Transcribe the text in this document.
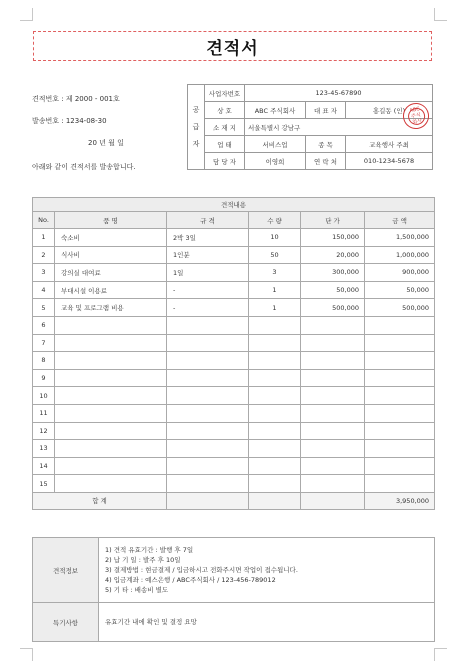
견적서
견적번호 : 제 2000 - 001호
발송번호 : 1234-08-30
20 년 월 일
아래와 같이 견적서를 발송합니다.
공
급
자	사업자번호	123-45-67890		
	상 호	ABC 주식회사	대 표 자	홍길동 (인)
	소 재 지	서울특별시 강남구		
	업 태	서비스업	종 목	교육행사 주최
	담 당 자	이영희	연 락 처	010-1234-5678
ABC
주식
회사
견적내용					
No.	품 명	규 격	수 량	단 가	금 액
1	숙소비	2박 3일	10	150,000	1,500,000
2	식사비	1인분	50	20,000	1,000,000
3	강의실 대여료	1일	3	300,000	900,000
4	부대시설 이용료	-	1	50,000	50,000
5	교육 및 프로그램 비용	-	1	500,000	500,000
6					
7					
8					
9					
10					
11					
12					
13					
14					
15					
합 계					3,950,000
견적정보	1) 견적 유효기간 : 발행 후 7일
2) 납 기 일 : 발주 후 10일
3) 결제방법 : 현금결제 / 입금하시고 전화주시면 작업이 접수됩니다.
4) 입금계좌 : 예스은행 / ABC주식회사 / 123-456-789012
5) 기 타 : 배송비 별도

특기사항	유효기간 내에 확인 및 결정 요망
